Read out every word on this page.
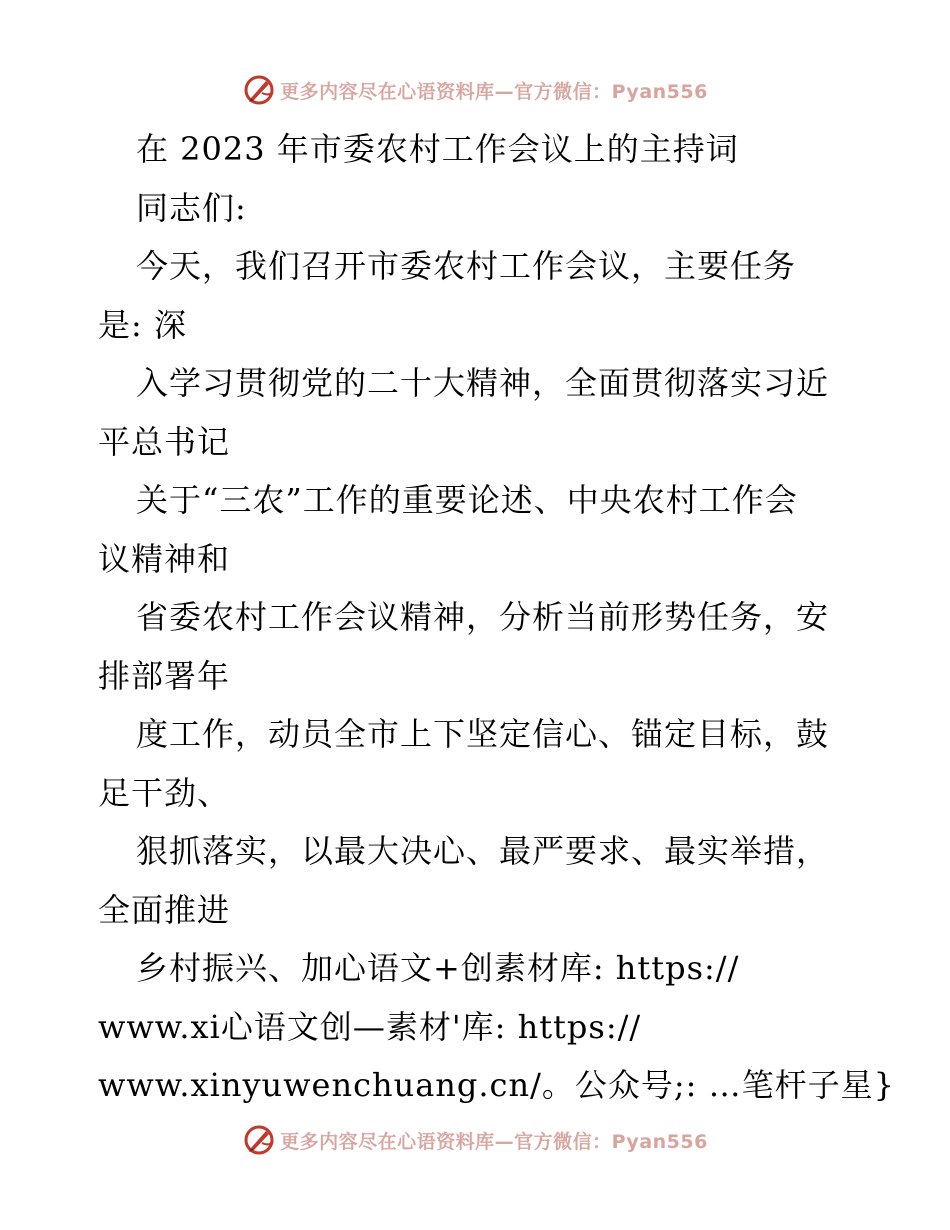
更多内容尽在心语资料库—官方微信：Pyan556
在 2023 年市委农村工作会议上的主持词
同志们:
今天，我们召开市委农村工作会议，主要任务
是: 深
入学习贯彻党的二十大精神，全面贯彻落实习近
平总书记
关于“三农”工作的重要论述、中央农村工作会
议精神和
省委农村工作会议精神，分析当前形势任务，安
排部署年
度工作，动员全市上下坚定信心、锚定目标，鼓
足干劲、
狠抓落实，以最大决心、最严要求、最实举措，
全面推进
乡村振兴、加心语文+创素材库: https://
www.xi心语文创—素材'库: https://
www.xinyuwenchuang.cn/。公众号;: …笔杆子星}
更多内容尽在心语资料库—官方微信：Pyan556
